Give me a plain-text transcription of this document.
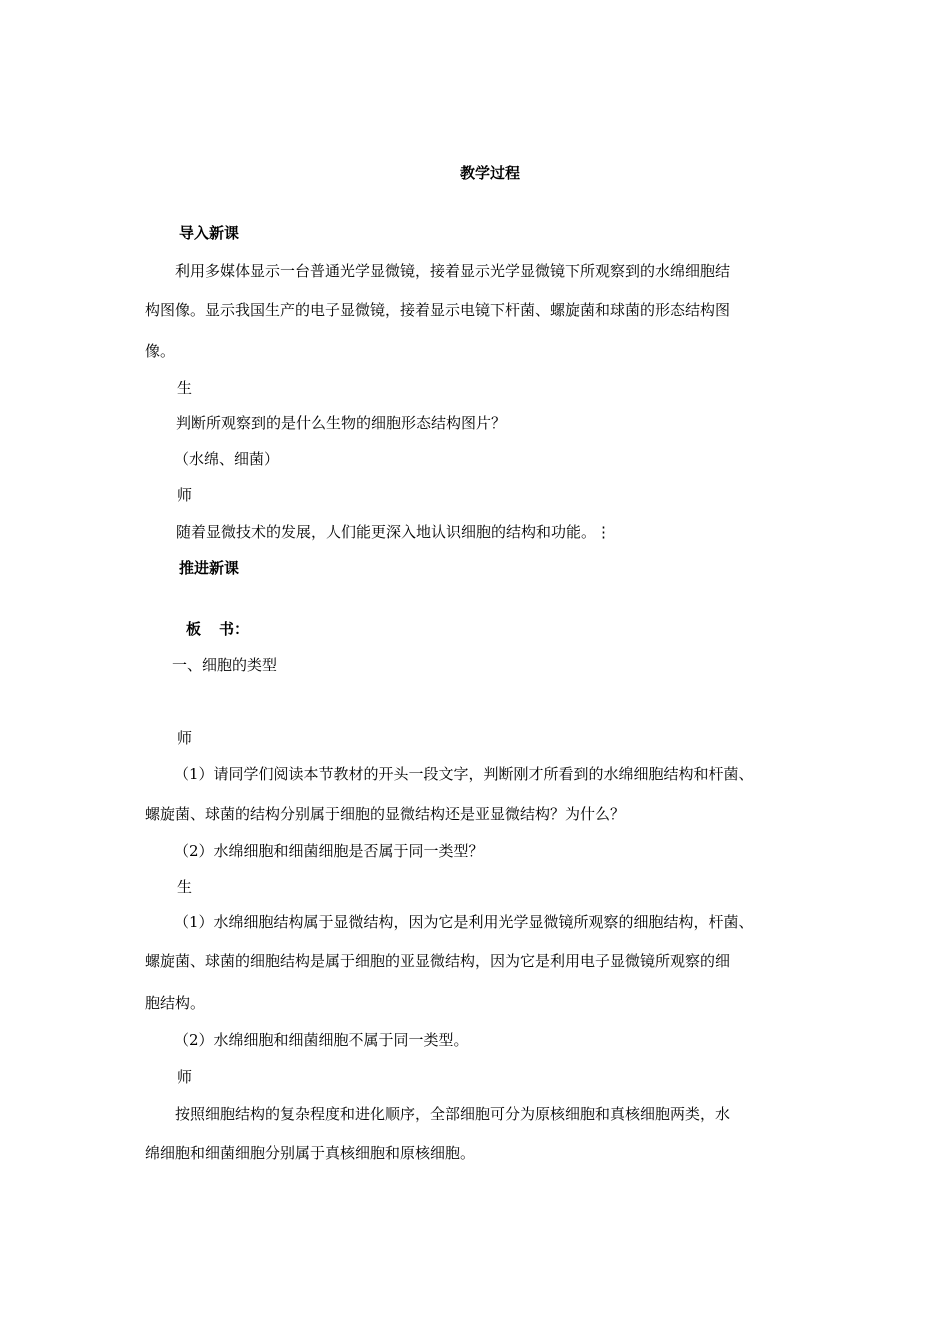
教学过程
导入新课
利用多媒体显示一台普通光学显微镜，接着显示光学显微镜下所观察到的水绵细胞结
构图像。显示我国生产的电子显微镜，接着显示电镜下杆菌、螺旋菌和球菌的形态结构图
像。
生
判断所观察到的是什么生物的细胞形态结构图片？
（水绵、细菌）
师
随着显微技术的发展，人们能更深入地认识细胞的结构和功能。⋮
推进新课
板 书：
一、细胞的类型
师
（1）请同学们阅读本节教材的开头一段文字，判断刚才所看到的水绵细胞结构和杆菌、
螺旋菌、球菌的结构分别属于细胞的显微结构还是亚显微结构？为什么？
（2）水绵细胞和细菌细胞是否属于同一类型？
生
（1）水绵细胞结构属于显微结构，因为它是利用光学显微镜所观察的细胞结构，杆菌、
螺旋菌、球菌的细胞结构是属于细胞的亚显微结构，因为它是利用电子显微镜所观察的细
胞结构。
（2）水绵细胞和细菌细胞不属于同一类型。
师
按照细胞结构的复杂程度和进化顺序，全部细胞可分为原核细胞和真核细胞两类，水
绵细胞和细菌细胞分别属于真核细胞和原核细胞。
